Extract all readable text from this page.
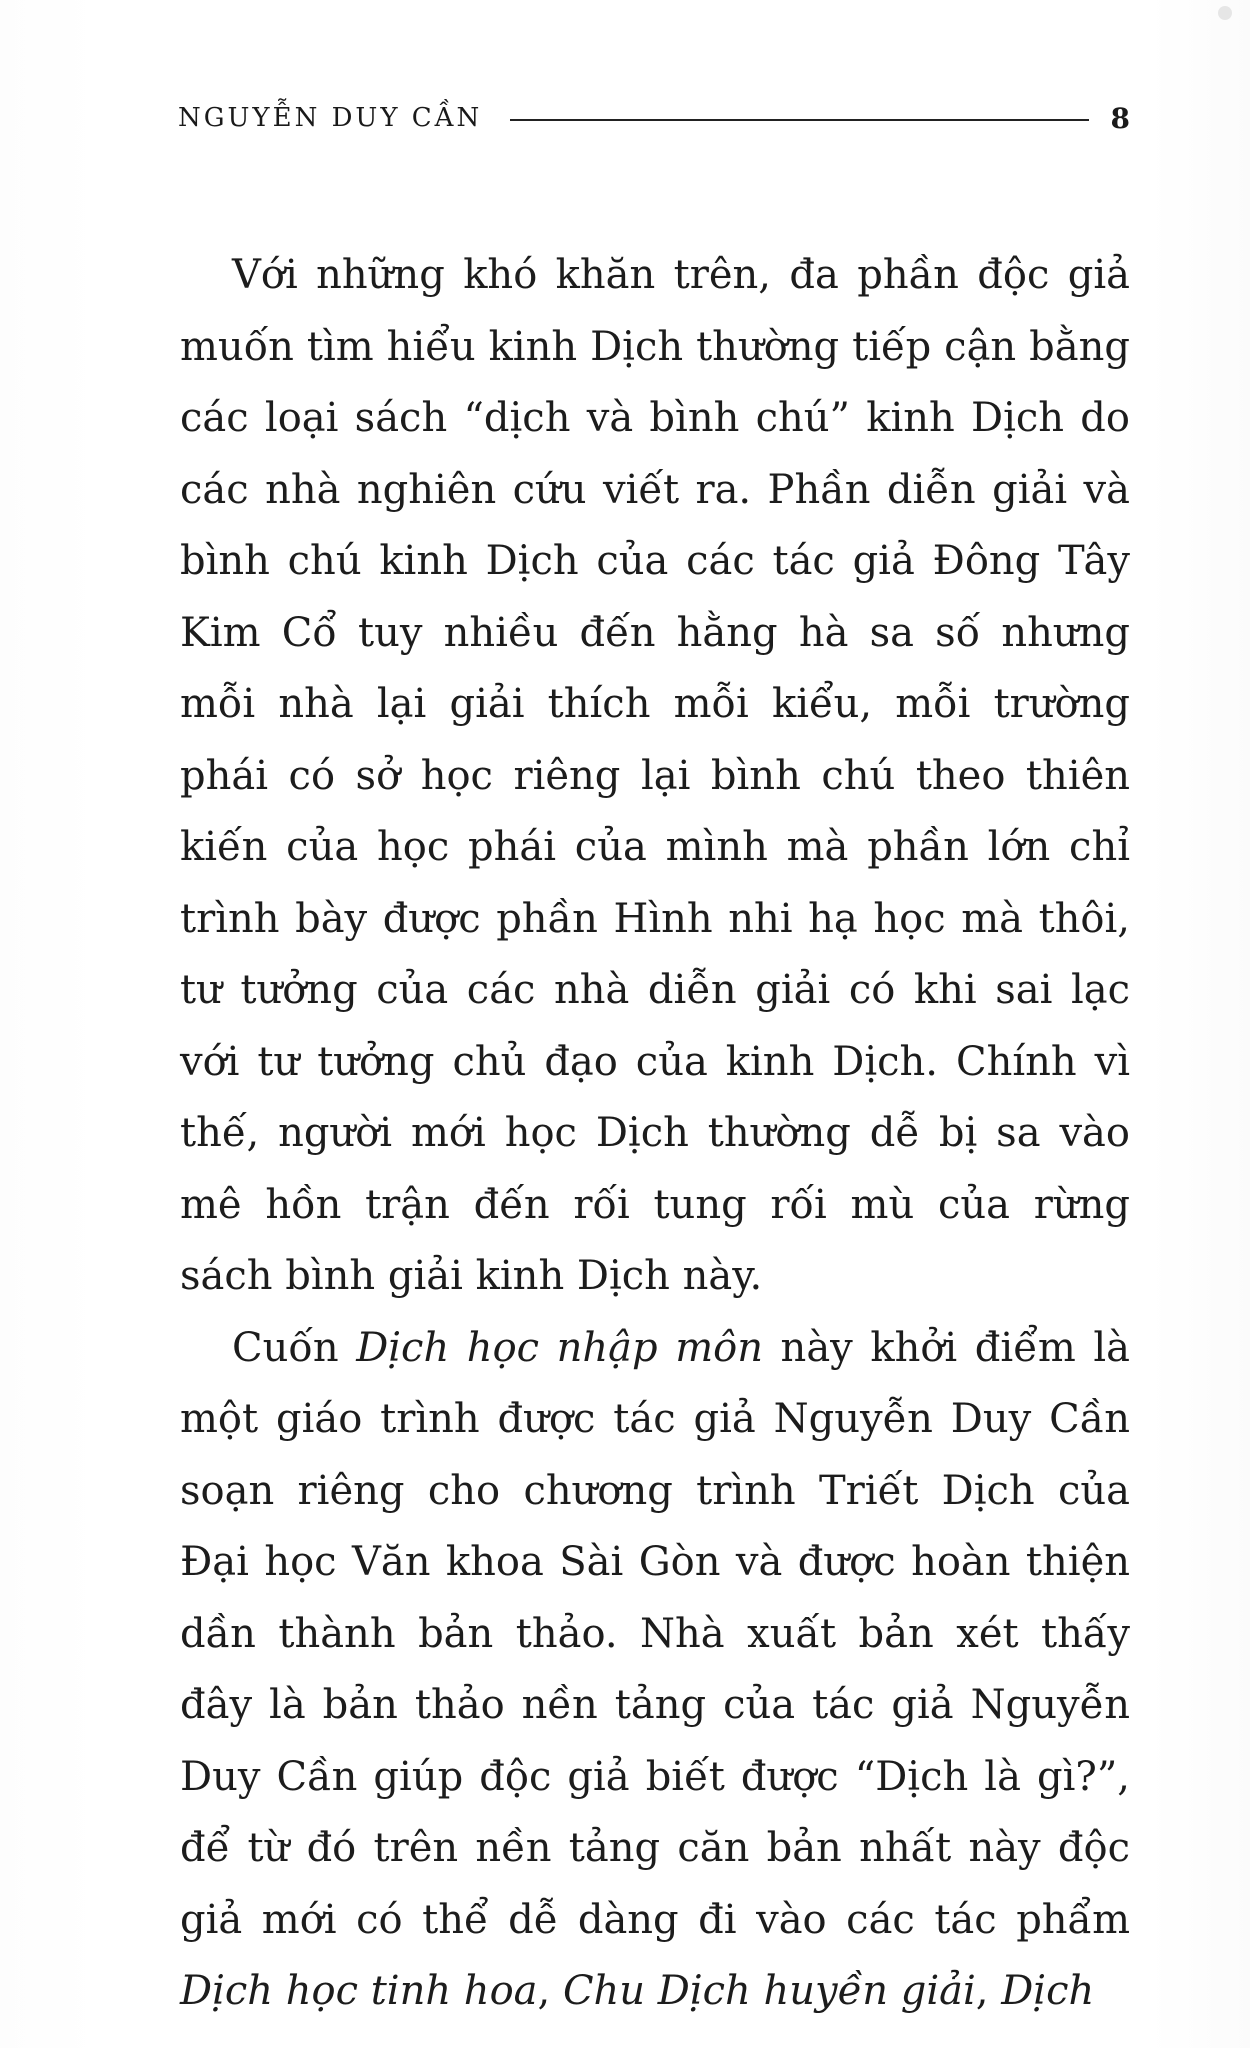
NGUYỄN DUY CẦN	8

Với những khó khăn trên, đa phần độc giả muốn tìm hiểu kinh Dịch thường tiếp cận bằng các loại sách “dịch và bình chú” kinh Dịch do các nhà nghiên cứu viết ra. Phần diễn giải và bình chú kinh Dịch của các tác giả Đông Tây Kim Cổ tuy nhiều đến hằng hà sa số nhưng mỗi nhà lại giải thích mỗi kiểu, mỗi trường phái có sở học riêng lại bình chú theo thiên kiến của học phái của mình mà phần lớn chỉ trình bày được phần Hình nhi hạ học mà thôi, tư tưởng của các nhà diễn giải có khi sai lạc với tư tưởng chủ đạo của kinh Dịch. Chính vì thế, người mới học Dịch thường dễ bị sa vào mê hồn trận đến rối tung rối mù của rừng sách bình giải kinh Dịch này.

Cuốn Dịch học nhập môn này khởi điểm là một giáo trình được tác giả Nguyễn Duy Cần soạn riêng cho chương trình Triết Dịch của Đại học Văn khoa Sài Gòn và được hoàn thiện dần thành bản thảo. Nhà xuất bản xét thấy đây là bản thảo nền tảng của tác giả Nguyễn Duy Cần giúp độc giả biết được “Dịch là gì?”, để từ đó trên nền tảng căn bản nhất này độc giả mới có thể dễ dàng đi vào các tác phẩm Dịch học tinh hoa, Chu Dịch huyền giải, Dịch
